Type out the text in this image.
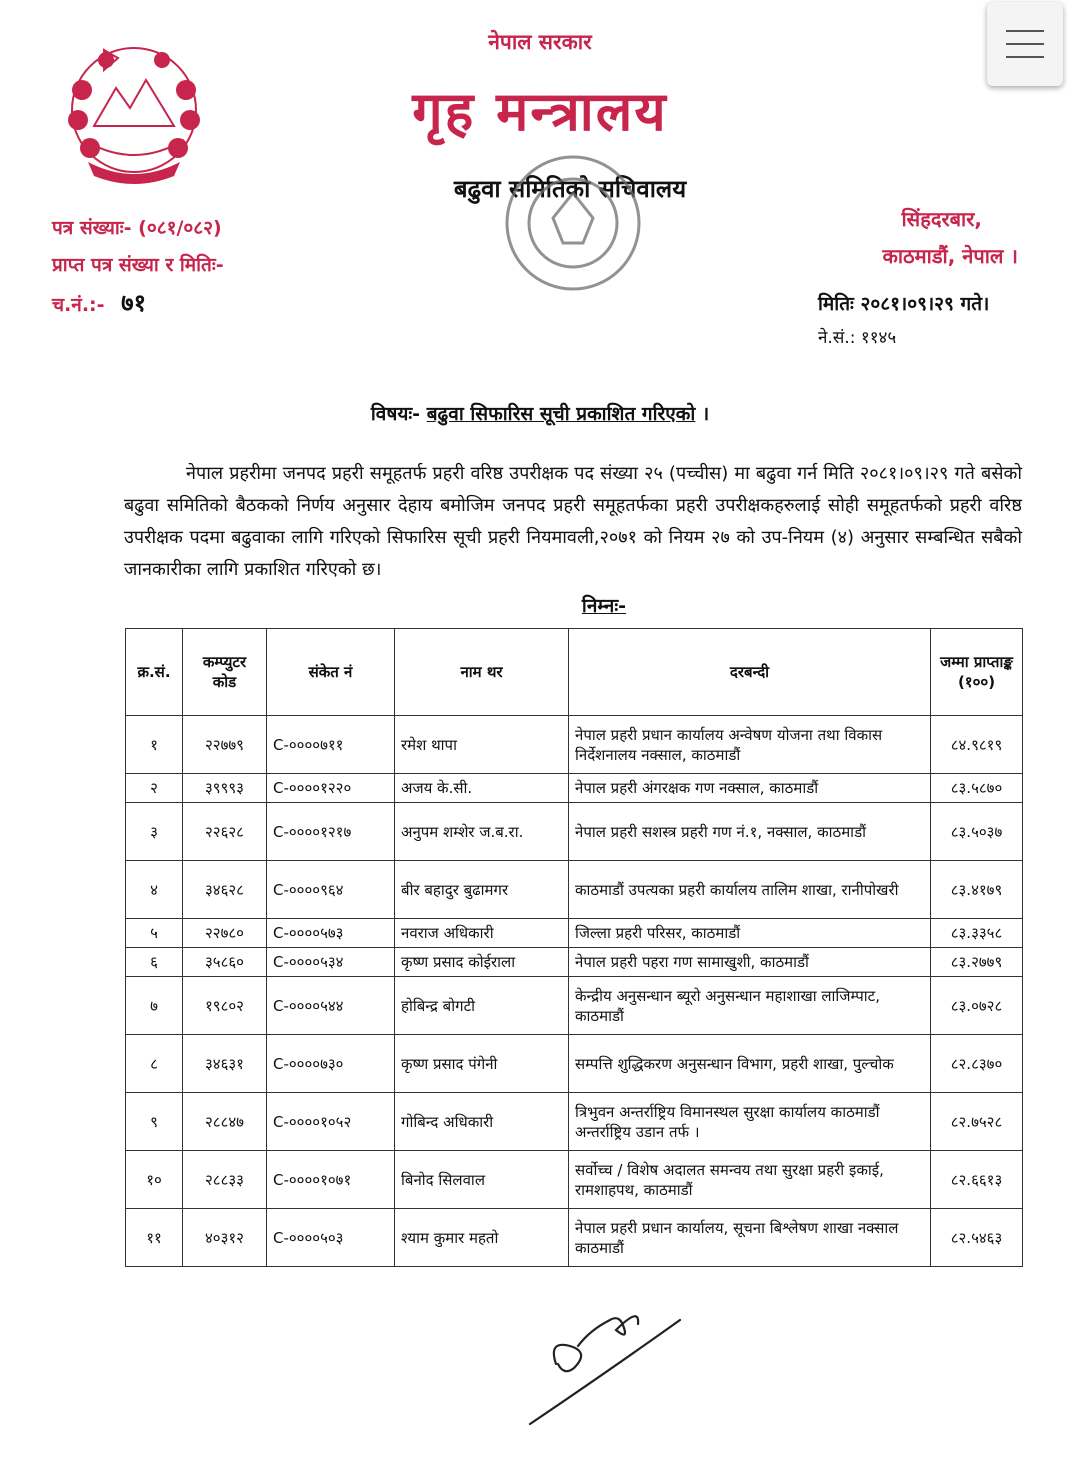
नेपाल सरकार
गृह मन्त्रालय
बढुवा समितिको सचिवालय
पत्र संख्याः- (०८१/०८२)
प्राप्त पत्र संख्या र मितिः-
च.नं.:- ७१
सिंहदरबार,
काठमाडौं, नेपाल ।
मितिः २०८१।०९।२९ गते।
ने.सं.: ११४५
विषयः- बढुवा सिफारिस सूची प्रकाशित गरिएको ।
नेपाल प्रहरीमा जनपद प्रहरी समूहतर्फ प्रहरी वरिष्ठ उपरीक्षक पद संख्या २५ (पच्चीस) मा बढुवा गर्न मिति २०८१।०९।२९ गते बसेको बढुवा समितिको बैठकको निर्णय अनुसार देहाय बमोजिम जनपद प्रहरी समूहतर्फका प्रहरी उपरीक्षकहरुलाई सोही समूहतर्फको प्रहरी वरिष्ठ उपरीक्षक पदमा बढुवाका लागि गरिएको सिफारिस सूची प्रहरी नियमावली,२०७१ को नियम २७ को उप-नियम (४) अनुसार सम्बन्धित सबैको जानकारीका लागि प्रकाशित गरिएको छ।
निम्नः-
क्र.सं.	कम्प्युटर कोड	संकेत नं	नाम थर	दरबन्दी	जम्मा प्राप्ताङ्क (१००)
१	२२७७९	C-००००७११	रमेश थापा	नेपाल प्रहरी प्रधान कार्यालय अन्वेषण योजना तथा विकास निर्देशनालय नक्साल, काठमाडौं	८४.९८१९
२	३९९९३	C-००००१२२०	अजय के.सी.	नेपाल प्रहरी अंगरक्षक गण नक्साल, काठमाडौं	८३.५८७०
३	२२६२८	C-००००१२१७	अनुपम शम्शेर ज.ब.रा.	नेपाल प्रहरी सशस्त्र प्रहरी गण नं.१, नक्साल, काठमाडौं	८३.५०३७
४	३४६२८	C-००००९६४	बीर बहादुर बुढामगर	काठमाडौं उपत्यका प्रहरी कार्यालय तालिम शाखा, रानीपोखरी	८३.४१७९
५	२२७८०	C-००००५७३	नवराज अधिकारी	जिल्ला प्रहरी परिसर, काठमाडौं	८३.३३५८
६	३५८६०	C-००००५३४	कृष्ण प्रसाद कोईराला	नेपाल प्रहरी पहरा गण सामाखुशी, काठमाडौं	८३.२७७९
७	१९८०२	C-००००५४४	होबिन्द्र बोगटी	केन्द्रीय अनुसन्धान ब्यूरो अनुसन्धान महाशाखा लाजिम्पाट, काठमाडौं	८३.०७२८
८	३४६३१	C-००००७३०	कृष्ण प्रसाद पंगेनी	सम्पत्ति शुद्धिकरण अनुसन्धान विभाग, प्रहरी शाखा, पुल्चोक	८२.८३७०
९	२८८४७	C-००००१०५२	गोबिन्द अधिकारी	त्रिभुवन अन्तर्राष्ट्रिय विमानस्थल सुरक्षा कार्यालय काठमाडौं अन्तर्राष्ट्रिय उडान तर्फ ।	८२.७५२८
१०	२८८३३	C-००००१०७१	बिनोद सिलवाल	सर्वोच्च / विशेष अदालत समन्वय तथा सुरक्षा प्रहरी इकाई, रामशाहपथ, काठमाडौं	८२.६६१३
११	४०३१२	C-००००५०३	श्याम कुमार महतो	नेपाल प्रहरी प्रधान कार्यालय, सूचना बिश्लेषण शाखा नक्साल काठमाडौं	८२.५४६३
